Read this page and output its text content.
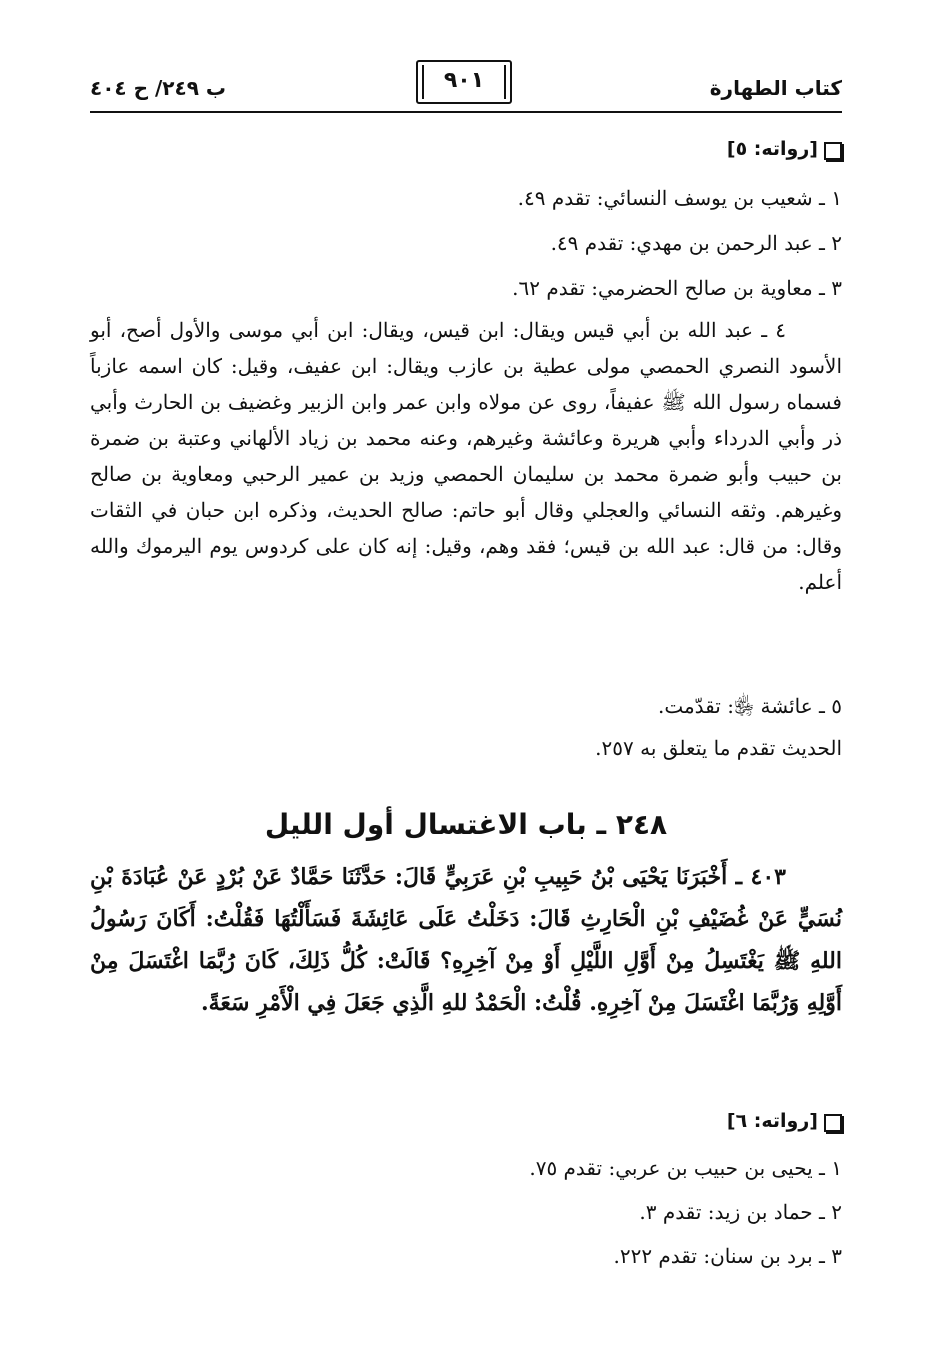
كتاب الطهارة
٩٠١
ب ٢٤٩/ ح ٤٠٤
[رواته: ٥]
١ ـ شعيب بن يوسف النسائي: تقدم ٤٩.
٢ ـ عبد الرحمن بن مهدي: تقدم ٤٩.
٣ ـ معاوية بن صالح الحضرمي: تقدم ٦٢.
٤ ـ عبد الله بن أبي قيس ويقال: ابن قيس، ويقال: ابن أبي موسى والأول أصح، أبو الأسود النصري الحمصي مولى عطية بن عازب ويقال: ابن عفيف، وقيل: كان اسمه عازباً فسماه رسول الله ﷺ عفيفاً، روى عن مولاه وابن عمر وابن الزبير وغضيف بن الحارث وأبي ذر وأبي الدرداء وأبي هريرة وعائشة وغيرهم، وعنه محمد بن زياد الألهاني وعتبة بن ضمرة بن حبيب وأبو ضمرة محمد بن سليمان الحمصي وزيد بن عمير الرحبي ومعاوية بن صالح وغيرهم. وثقه النسائي والعجلي وقال أبو حاتم: صالح الحديث، وذكره ابن حبان في الثقات وقال: من قال: عبد الله بن قيس؛ فقد وهم، وقيل: إنه كان على كردوس يوم اليرموك والله أعلم.
٥ ـ عائشة ﵂: تقدّمت.
الحديث تقدم ما يتعلق به ٢٥٧.
٢٤٨ ـ باب الاغتسال أول الليل
٤٠٣ ـ أَخْبَرَنَا يَحْيَى بْنُ حَبِيبِ بْنِ عَرَبِيٍّ قَالَ: حَدَّثَنَا حَمَّادٌ عَنْ بُرْدٍ عَنْ عُبَادَةَ بْنِ نُسَيٍّ عَنْ غُضَيْفِ بْنِ الْحَارِثِ قَالَ: دَخَلْتُ عَلَى عَائِشَةَ فَسَأَلْتُهَا فَقُلْتُ: أَكَانَ رَسُولُ اللهِ ﷺ يَغْتَسِلُ مِنْ أَوَّلِ اللَّيْلِ أَوْ مِنْ آخِرِهِ؟ قَالَتْ: كُلُّ ذَلِكَ، كَانَ رُبَّمَا اغْتَسَلَ مِنْ أَوَّلِهِ وَرُبَّمَا اغْتَسَلَ مِنْ آخِرِهِ. قُلْتُ: الْحَمْدُ للهِ الَّذِي جَعَلَ فِي الْأَمْرِ سَعَةً.
[رواته: ٦]
١ ـ يحيى بن حبيب بن عربي: تقدم ٧٥.
٢ ـ حماد بن زيد: تقدم ٣.
٣ ـ برد بن سنان: تقدم ٢٢٢.
